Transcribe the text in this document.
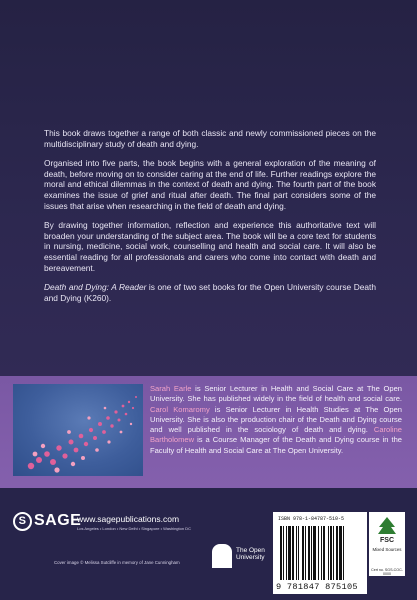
This book draws together a range of both classic and newly commissioned pieces on the multidisciplinary study of death and dying.

Organised into five parts, the book begins with a general exploration of the meaning of death, before moving on to consider caring at the end of life. Further readings explore the moral and ethical dilemmas in the context of death and dying. The fourth part of the book examines the issue of grief and ritual after death. The final part considers some of the issues that arise when researching in the field of death and dying.

By drawing together information, reflection and experience this authoritative text will broaden your understanding of the subject area. The book will be a core text for students in nursing, medicine, social work, counselling and health and social care. It will also be essential reading for all professionals and carers who come into contact with death and bereavement.

Death and Dying: A Reader is one of two set books for the Open University course Death and Dying (K260).

Sarah Earle is Senior Lecturer in Health and Social Care at The Open University. She has published widely in the field of health and social care. Carol Komaromy is Senior Lecturer in Health Studies at The Open University. She is also the production chair of the Death and Dying course and well published in the sociology of death and dying. Caroline Bartholomew is a Course Manager of the Death and Dying course in the Faculty of Health and Social Care at The Open University.
S SAGE
www.sagepublications.com
Los Angeles • London • New Delhi • Singapore • Washington DC
Cover image © Melissa Sutcliffe in memory of Jane Cunningham
The Open
University
ISBN 978-1-84787-510-5
9 781847 875105
FSC
Mixed Sources
Cert no. SGS-COC-0000
